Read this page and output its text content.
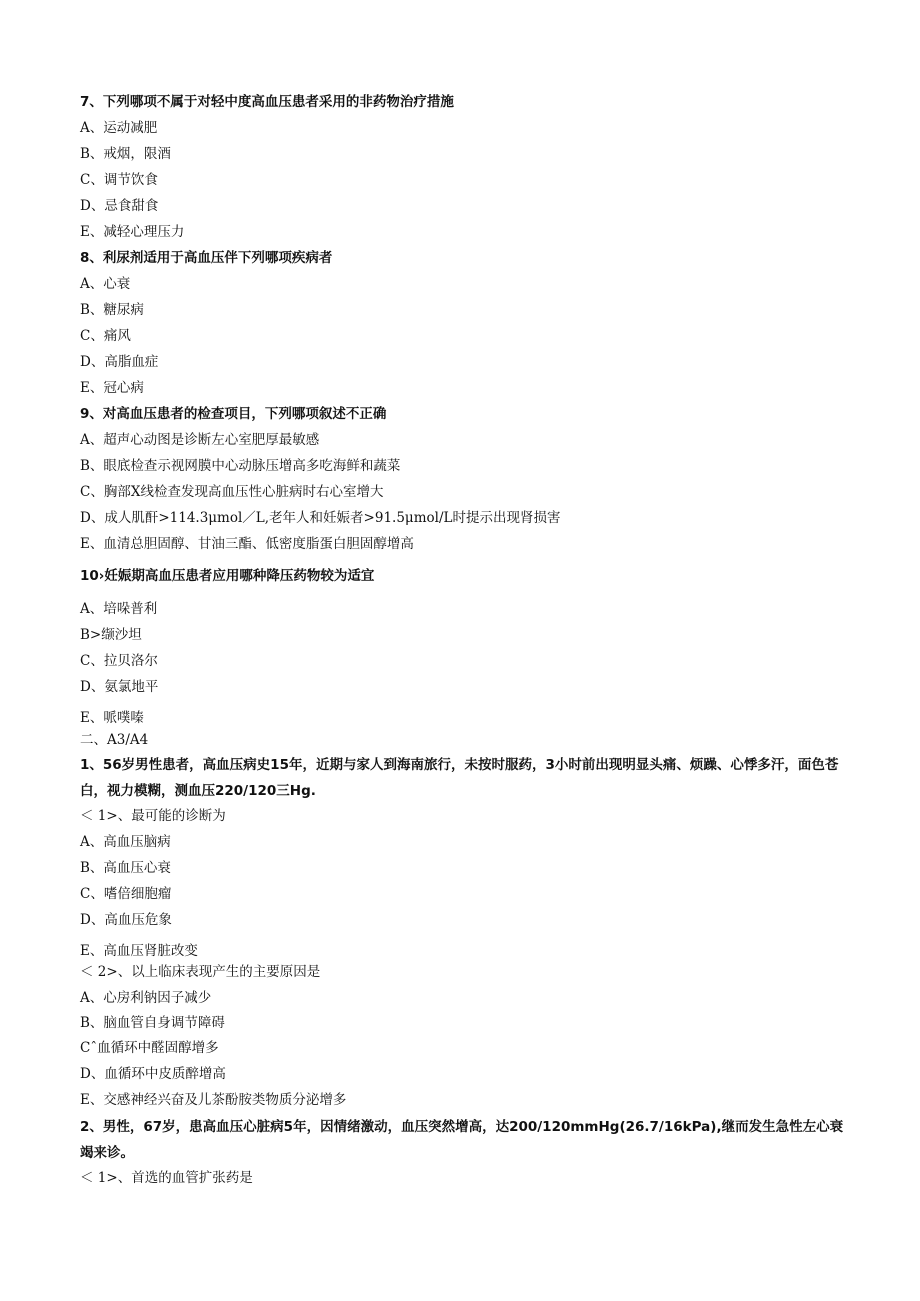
7、下列哪项不属于对轻中度高血压患者采用的非药物治疗措施
A、运动减肥
B、戒烟，限酒
C、调节饮食
D、忌食甜食
E、减轻心理压力
8、利尿剂适用于高血压伴下列哪项疾病者
A、心衰
B、糖尿病
C、痛风
D、高脂血症
E、冠心病
9、对高血压患者的检查项目，下列哪项叙述不正确
A、超声心动图是诊断左心室肥厚最敏感
B、眼底检查示视网膜中心动脉压增高多吃海鲜和蔬菜
C、胸部X线检查发现高血压性心脏病时右心室增大
D、成人肌酐>114.3μmol／L,老年人和妊娠者>91.5μmol/L时提示出现肾损害
E、血清总胆固醇、甘油三酯、低密度脂蛋白胆固醇增高
10›妊娠期高血压患者应用哪种降压药物较为适宜
A、培哚普利
B>缬沙坦
C、拉贝洛尔
D、氨氯地平
E、哌噗嗪
二、A3/A4
1、56岁男性患者，高血压病史15年，近期与家人到海南旅行，未按时服药，3小时前出现明显头痛、烦躁、心悸多汗，面色苍白，视力模糊，测血压220/120三Hg.
＜ 1>、最可能的诊断为
A、高血压脑病
B、高血压心衰
C、嗜倍细胞瘤
D、高血压危象
E、高血压肾脏改变
＜ 2>、以上临床表现产生的主要原因是
A、心房利钠因子减少
B、脑血管自身调节障碍
Cˆ血循环中醛固醇增多
D、血循环中皮质醉增高
E、交感神经兴奋及儿茶酚胺类物质分泌增多
2、男性，67岁，患高血压心脏病5年，因情绪激动，血压突然增高，达200/120mmHg(26.7/16kPa),继而发生急性左心衰竭来诊。
＜ 1>、首选的血管扩张药是
